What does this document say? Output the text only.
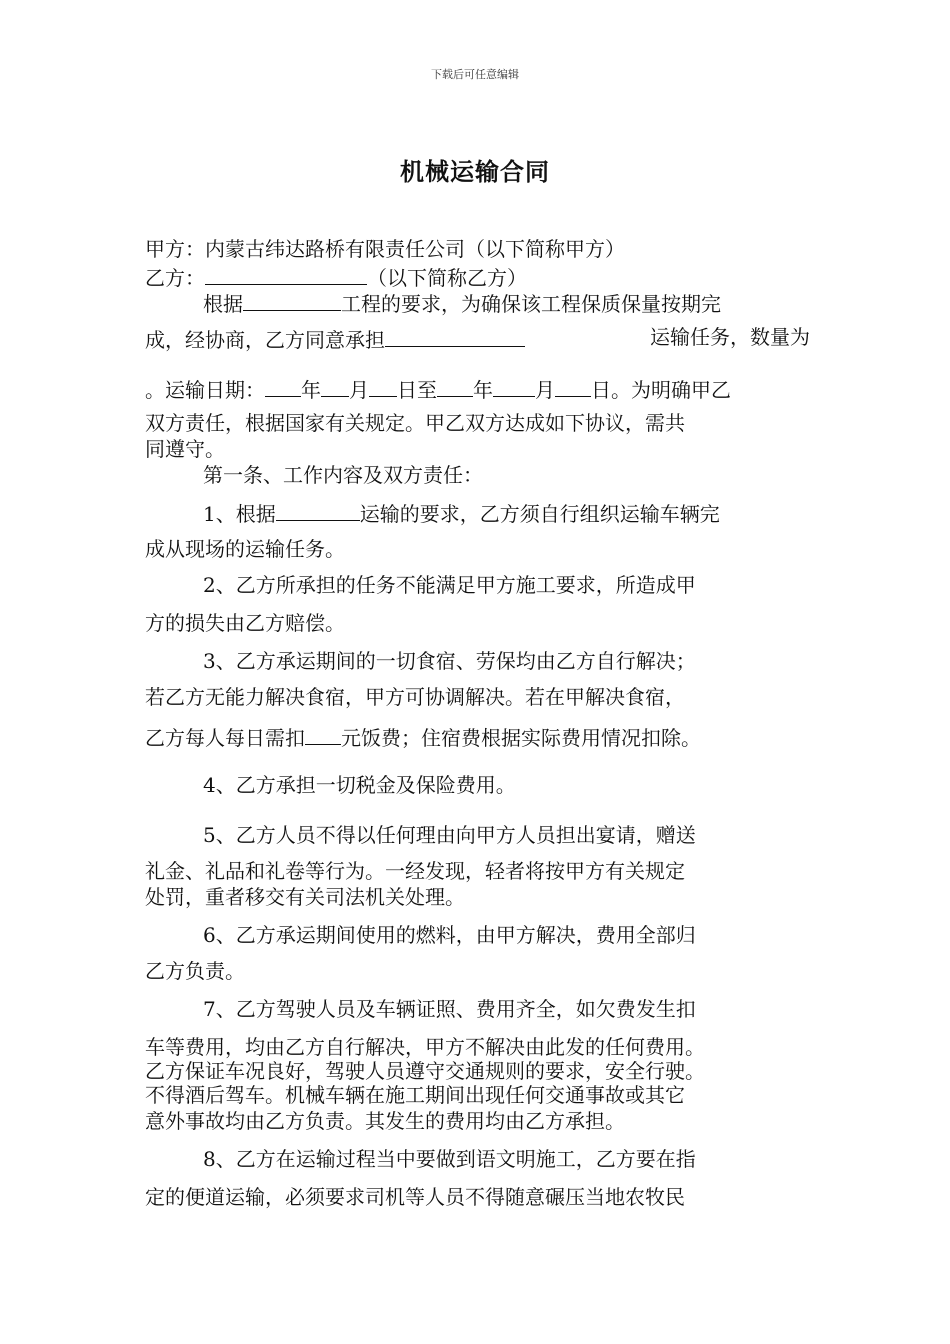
下载后可任意编辑
机械运输合同
甲方：内蒙古纬达路桥有限责任公司（以下简称甲方）
乙方：	（以下简称乙方）
根据	工程的要求，为确保该工程保质保量按期完
成，经协商，乙方同意承担	运输任务，数量为
。运输日期： 年 月 日至 年 月 日。为明确甲乙
双方责任，根据国家有关规定。甲乙双方达成如下协议，需共
同遵守。
第一条、工作内容及双方责任：
1、根据	运输的要求，乙方须自行组织运输车辆完
成从现场的运输任务。
2、乙方所承担的任务不能满足甲方施工要求，所造成甲
方的损失由乙方赔偿。
3、乙方承运期间的一切食宿、劳保均由乙方自行解决；
若乙方无能力解决食宿，甲方可协调解决。若在甲解决食宿，
乙方每人每日需扣 元饭费；住宿费根据实际费用情况扣除。
4、乙方承担一切税金及保险费用。
5、乙方人员不得以任何理由向甲方人员担出宴请，赠送
礼金、礼品和礼卷等行为。一经发现，轻者将按甲方有关规定
处罚，重者移交有关司法机关处理。
6、乙方承运期间使用的燃料，由甲方解决，费用全部归
乙方负责。
7、乙方驾驶人员及车辆证照、费用齐全，如欠费发生扣
车等费用，均由乙方自行解决，甲方不解决由此发的任何费用。
乙方保证车况良好，驾驶人员遵守交通规则的要求，安全行驶。
不得酒后驾车。机械车辆在施工期间出现任何交通事故或其它
意外事故均由乙方负责。其发生的费用均由乙方承担。
8、乙方在运输过程当中要做到语文明施工，乙方要在指
定的便道运输，必须要求司机等人员不得随意碾压当地农牧民
